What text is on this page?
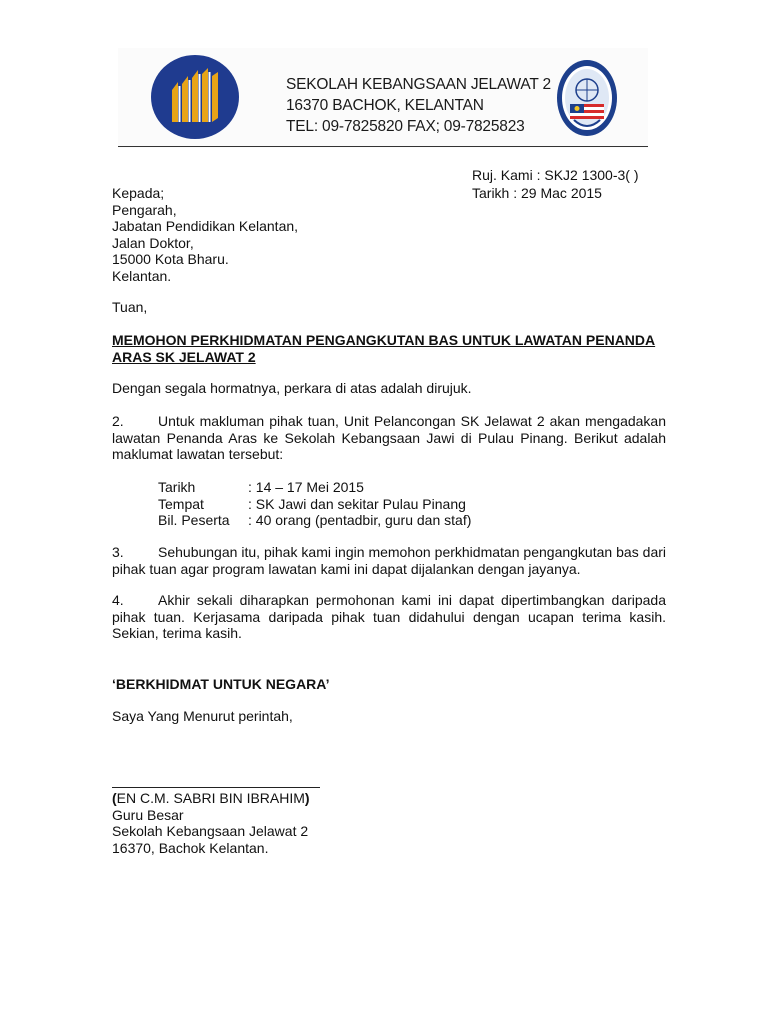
SEKOLAH KEBANGSAAN JELAWAT 2
16370 BACHOK, KELANTAN
TEL: 09-7825820 FAX; 09-7825823
Ruj. Kami : SKJ2 1300-3( )
Tarikh : 29 Mac 2015
Kepada;
Pengarah,
Jabatan Pendidikan Kelantan,
Jalan Doktor,
15000 Kota Bharu.
Kelantan.
Tuan,
MEMOHON PERKHIDMATAN PENGANGKUTAN BAS UNTUK LAWATAN PENANDA
ARAS SK JELAWAT 2
Dengan segala hormatnya, perkara di atas adalah dirujuk.
2. Untuk makluman pihak tuan, Unit Pelancongan SK Jelawat 2 akan mengadakan lawatan Penanda Aras ke Sekolah Kebangsaan Jawi di Pulau Pinang. Berikut adalah maklumat lawatan tersebut:
Tarikh	: 14 – 17 Mei 2015
Tempat	: SK Jawi dan sekitar Pulau Pinang
Bil. Peserta	: 40 orang (pentadbir, guru dan staf)
3. Sehubungan itu, pihak kami ingin memohon perkhidmatan pengangkutan bas dari pihak tuan agar program lawatan kami ini dapat dijalankan dengan jayanya.
4. Akhir sekali diharapkan permohonan kami ini dapat dipertimbangkan daripada pihak tuan. Kerjasama daripada pihak tuan didahului dengan ucapan terima kasih. Sekian, terima kasih.
‘BERKHIDMAT UNTUK NEGARA’
Saya Yang Menurut perintah,
(EN C.M. SABRI BIN IBRAHIM)
Guru Besar
Sekolah Kebangsaan Jelawat 2
16370, Bachok Kelantan.
